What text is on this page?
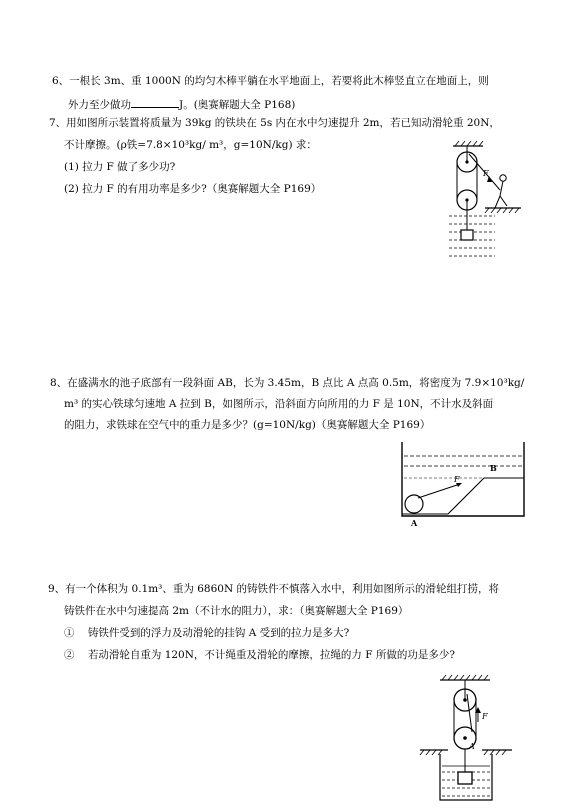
6、一根长 3m、重 1000N 的均匀木棒平躺在水平地面上，若要将此木棒竖直立在地面上，则
外力至少做功	J。(奥赛解题大全 P168)
7、用如图所示装置将质量为 39kg 的铁块在 5s 内在水中匀速提升 2m，若已知动滑轮重 20N，
不计摩擦。(ρ铁=7.8×10³kg/ m³，g=10N/kg) 求：
(1) 拉力 F 做了多少功?
(2) 拉力 F 的有用功率是多少?（奥赛解题大全 P169）
F
8、在盛满水的池子底部有一段斜面 AB，长为 3.45m，B 点比 A 点高 0.5m，将密度为 7.9×10³kg/
m³ 的实心铁球匀速地 A 拉到 B，如图所示，沿斜面方向所用的力 F 是 10N，不计水及斜面
的阻力，求铁球在空气中的重力是多少？(g=10N/kg)（奥赛解题大全 P169）
F
B
A
9、有一个体积为 0.1m³、重为 6860N 的铸铁件不慎落入水中，利用如图所示的滑轮组打捞，将
铸铁件在水中匀速提高 2m（不计水的阻力），求：（奥赛解题大全 P169）
① 铸铁件受到的浮力及动滑轮的挂钩 A 受到的拉力是多大?
② 若动滑轮自重为 120N，不计绳重及滑轮的摩擦，拉绳的力 F 所做的功是多少?
F
A
